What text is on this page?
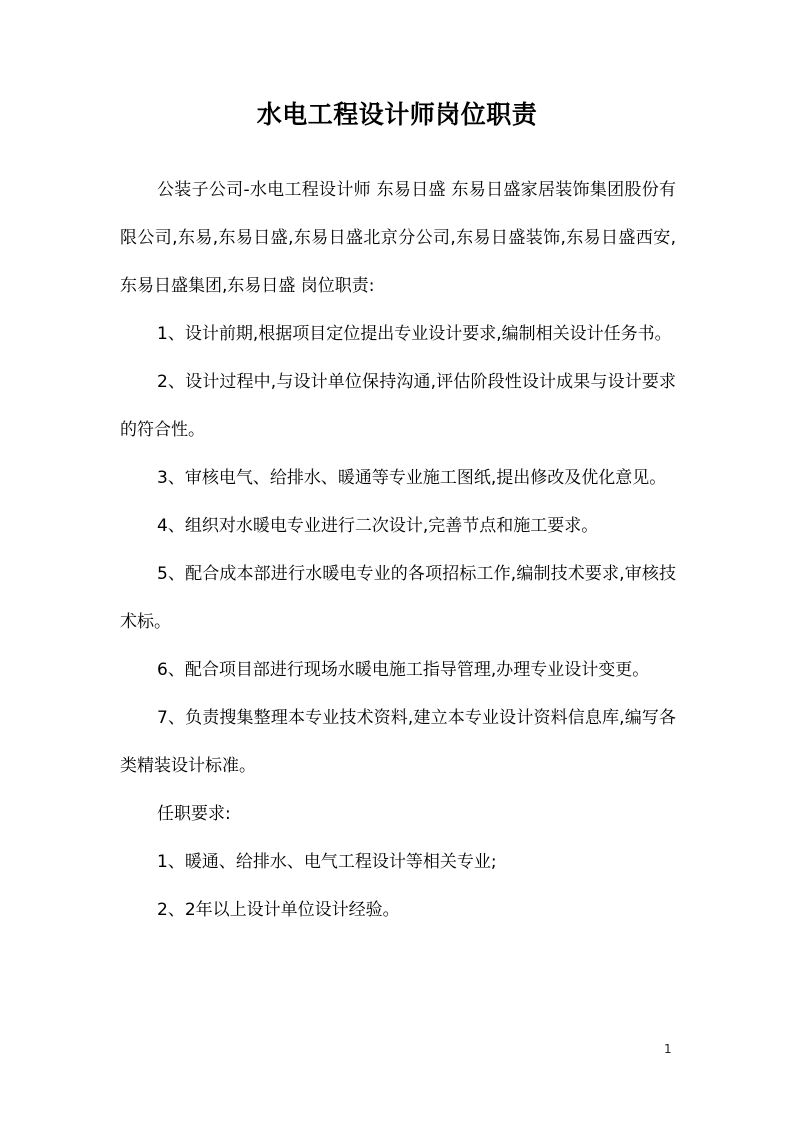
水电工程设计师岗位职责

公装子公司-水电工程设计师 东易日盛 东易日盛家居装饰集团股份有限公司,东易,东易日盛,东易日盛北京分公司,东易日盛装饰,东易日盛西安,东易日盛集团,东易日盛 岗位职责:

1、设计前期,根据项目定位提出专业设计要求,编制相关设计任务书。

2、设计过程中,与设计单位保持沟通,评估阶段性设计成果与设计要求的符合性。

3、审核电气、给排水、暖通等专业施工图纸,提出修改及优化意见。

4、组织对水暖电专业进行二次设计,完善节点和施工要求。

5、配合成本部进行水暖电专业的各项招标工作,编制技术要求,审核技术标。

6、配合项目部进行现场水暖电施工指导管理,办理专业设计变更。

7、负责搜集整理本专业技术资料,建立本专业设计资料信息库,编写各类精装设计标准。

任职要求:

1、暖通、给排水、电气工程设计等相关专业;

2、2年以上设计单位设计经验。

1
